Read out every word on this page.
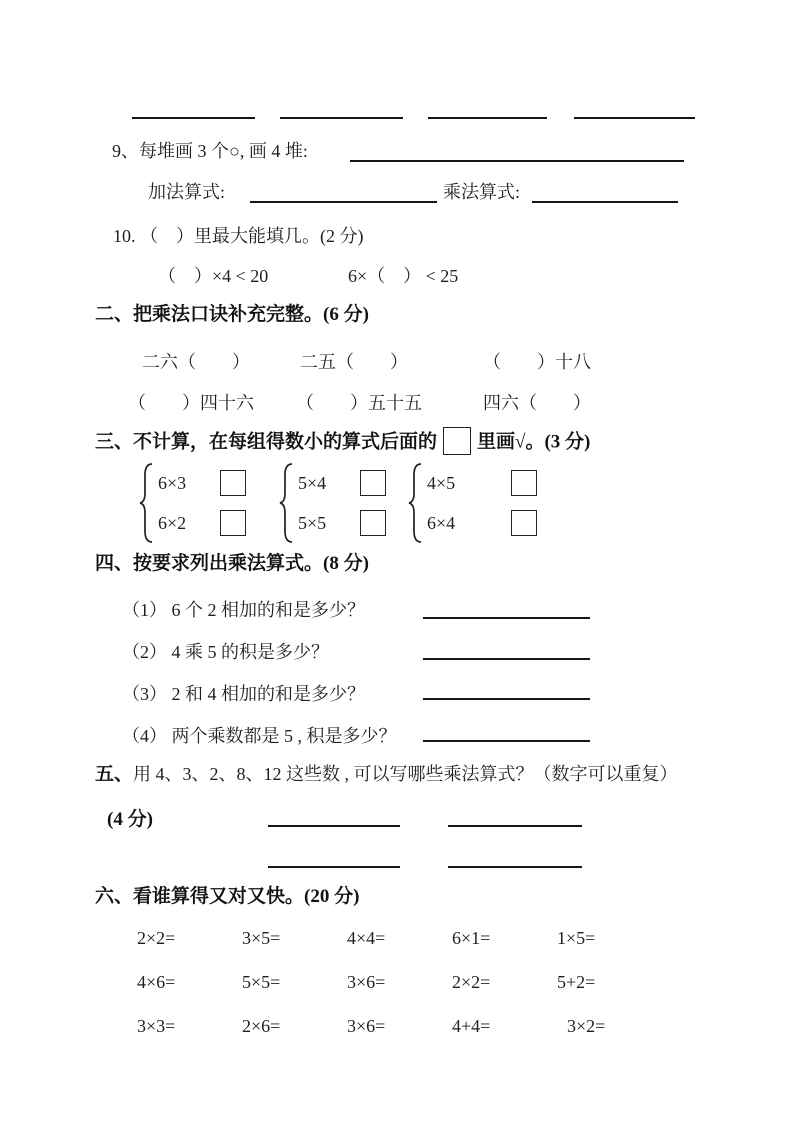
9、每堆画 3 个○, 画 4 堆:
加法算式:	乘法算式:
10. （　）里最大能填几。(2 分)
（　）×4 < 20	6×（　） < 25
二、把乘法口诀补充完整。(6 分)
二六（　　）	二五（　　）	（　　）十八
（　　）四十六 （　　）五十五	四六（　　）
三、不计算，在每组得数小的算式后面的 里画√。(3 分)
6×3
6×2
5×4
5×5
4×5
6×4
四、按要求列出乘法算式。(8 分)
（1） 6 个 2 相加的和是多少？
（2） 4 乘 5 的积是多少？
（3） 2 和 4 相加的和是多少？
（4） 两个乘数都是 5 , 积是多少？
五、用 4、3、2、8、12 这些数 , 可以写哪些乘法算式？（数字可以重复）
(4 分)
六、看谁算得又对又快。(20 分)
2×2=	3×5=	4×4=	6×1=	1×5=
4×6=	5×5=	3×6=	2×2=	5+2=
3×3=	2×6=	3×6=	4+4=	3×2=
